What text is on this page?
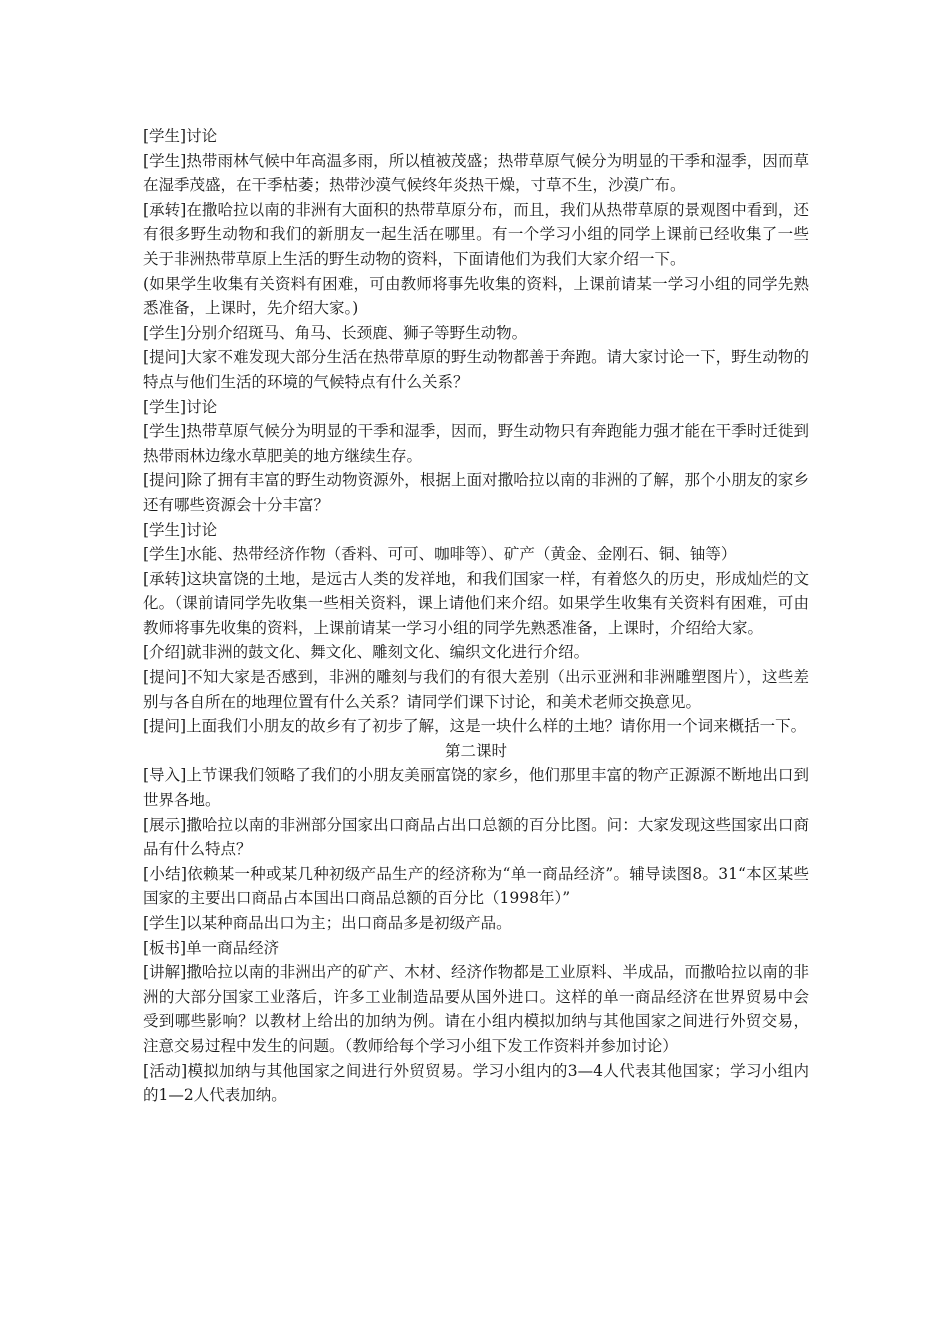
[学生]讨论

[学生]热带雨林气候中年高温多雨，所以植被茂盛；热带草原气候分为明显的干季和湿季，因而草在湿季茂盛，在干季枯萎；热带沙漠气候终年炎热干燥，寸草不生，沙漠广布。

[承转]在撒哈拉以南的非洲有大面积的热带草原分布，而且，我们从热带草原的景观图中看到，还有很多野生动物和我们的新朋友一起生活在哪里。有一个学习小组的同学上课前已经收集了一些关于非洲热带草原上生活的野生动物的资料，下面请他们为我们大家介绍一下。

(如果学生收集有关资料有困难，可由教师将事先收集的资料，上课前请某一学习小组的同学先熟悉准备，上课时，先介绍大家。)

[学生]分别介绍斑马、角马、长颈鹿、狮子等野生动物。

[提问]大家不难发现大部分生活在热带草原的野生动物都善于奔跑。请大家讨论一下，野生动物的特点与他们生活的环境的气候特点有什么关系？

[学生]讨论

[学生]热带草原气候分为明显的干季和湿季，因而，野生动物只有奔跑能力强才能在干季时迁徙到热带雨林边缘水草肥美的地方继续生存。

[提问]除了拥有丰富的野生动物资源外，根据上面对撒哈拉以南的非洲的了解，那个小朋友的家乡还有哪些资源会十分丰富？

[学生]讨论

[学生]水能、热带经济作物（香料、可可、咖啡等）、矿产（黄金、金刚石、铜、铀等）

[承转]这块富饶的土地，是远古人类的发祥地，和我们国家一样，有着悠久的历史，形成灿烂的文化。（课前请同学先收集一些相关资料，课上请他们来介绍。如果学生收集有关资料有困难，可由教师将事先收集的资料，上课前请某一学习小组的同学先熟悉准备，上课时，介绍给大家。

[介绍]就非洲的鼓文化、舞文化、雕刻文化、编织文化进行介绍。

[提问]不知大家是否感到，非洲的雕刻与我们的有很大差别（出示亚洲和非洲雕塑图片），这些差别与各自所在的地理位置有什么关系？请同学们课下讨论，和美术老师交换意见。

[提问]上面我们小朋友的故乡有了初步了解，这是一块什么样的土地？请你用一个词来概括一下。

第二课时

[导入]上节课我们领略了我们的小朋友美丽富饶的家乡，他们那里丰富的物产正源源不断地出口到世界各地。

[展示]撒哈拉以南的非洲部分国家出口商品占出口总额的百分比图。问：大家发现这些国家出口商品有什么特点？

[小结]依赖某一种或某几种初级产品生产的经济称为“单一商品经济”。辅导读图8。31“本区某些国家的主要出口商品占本国出口商品总额的百分比（1998年）”

[学生]以某种商品出口为主；出口商品多是初级产品。

[板书]单一商品经济

[讲解]撒哈拉以南的非洲出产的矿产、木材、经济作物都是工业原料、半成品，而撒哈拉以南的非洲的大部分国家工业落后，许多工业制造品要从国外进口。这样的单一商品经济在世界贸易中会受到哪些影响？以教材上给出的加纳为例。请在小组内模拟加纳与其他国家之间进行外贸交易，注意交易过程中发生的问题。（教师给每个学习小组下发工作资料并参加讨论）

[活动]模拟加纳与其他国家之间进行外贸贸易。学习小组内的3—4人代表其他国家；学习小组内的1—2人代表加纳。
